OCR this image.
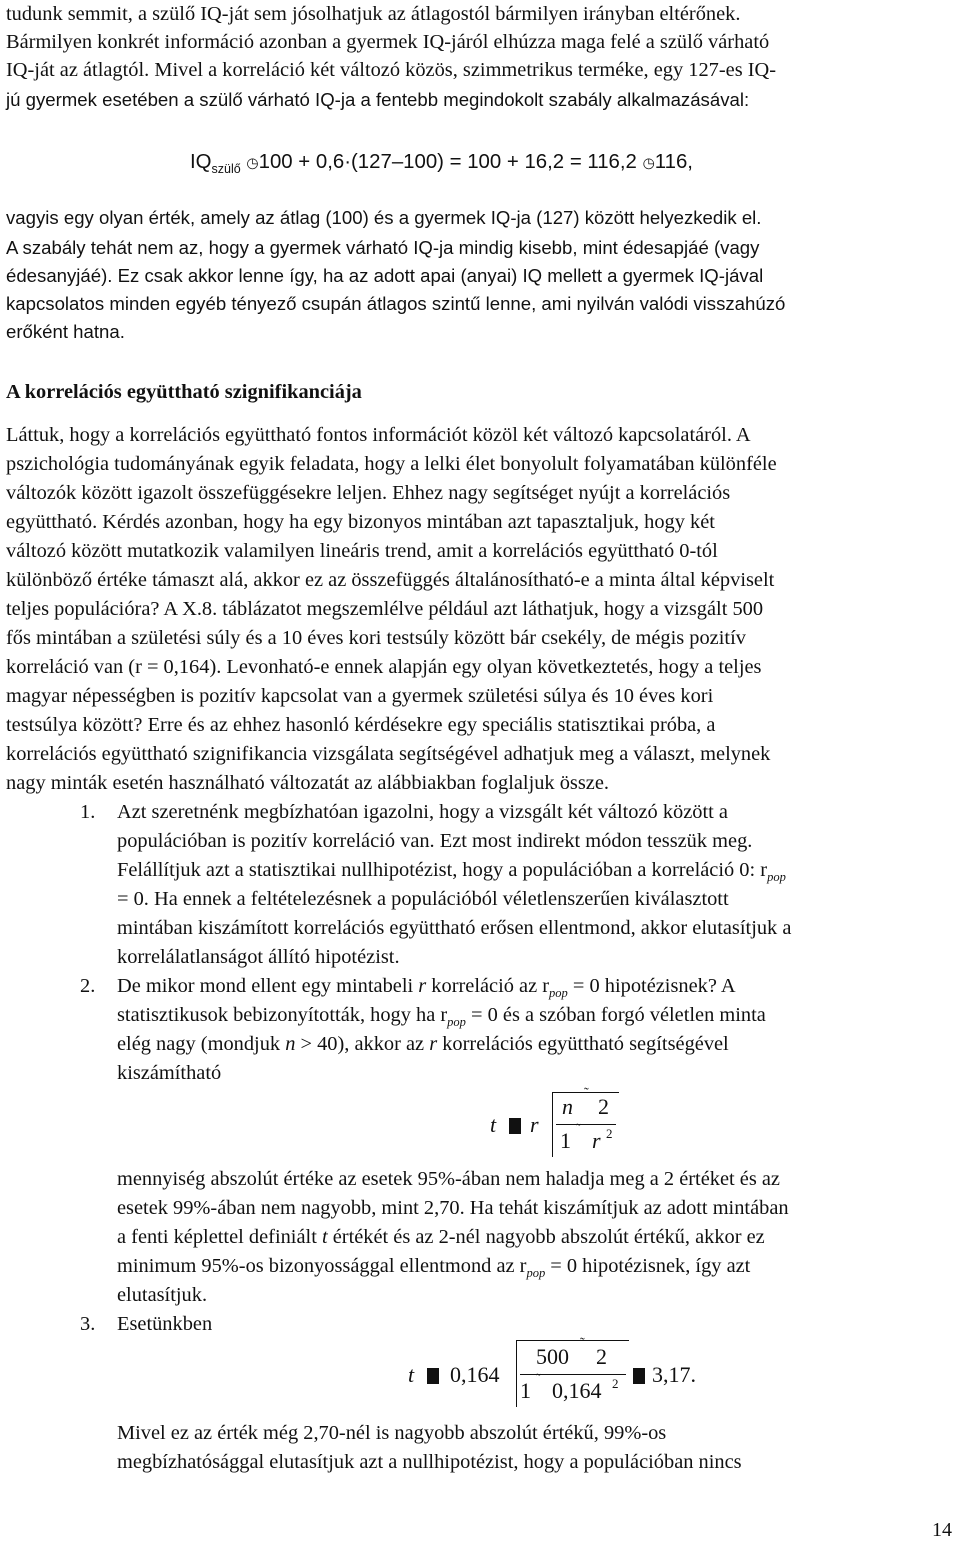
tudunk semmit, a szülő IQ-ját sem jósolhatjuk az átlagostól bármilyen irányban eltérőnek.
Bármilyen konkrét információ azonban a gyermek IQ-járól elhúzza maga felé a szülő várható
IQ-ját az átlagtól. Mivel a korreláció két változó közös, szimmetrikus terméke, egy 127-es IQ-
jú gyermek esetében a szülő várható IQ-ja a fentebb megindokolt szabály alkalmazásával:
$IQ_{szülő}$ ◷100 + 0,6·(127–100) = 100 + 16,2 = 116,2 ◷116,
vagyis egy olyan érték, amely az átlag (100) és a gyermek IQ-ja (127) között helyezkedik el.
A szabály tehát nem az, hogy a gyermek várható IQ-ja mindig kisebb, mint édesapjáé (vagy
édesanyjáé). Ez csak akkor lenne így, ha az adott apai (anyai) IQ mellett a gyermek IQ-jával
kapcsolatos minden egyéb tényező csupán átlagos szintű lenne, ami nyilván valódi visszahúzó
erőként hatna.
A korrelációs együttható szignifikanciája
Láttuk, hogy a korrelációs együttható fontos információt közöl két változó kapcsolatáról. A
pszichológia tudományának egyik feladata, hogy a lelki élet bonyolult folyamatában különféle
változók között igazolt összefüggésekre leljen. Ehhez nagy segítséget nyújt a korrelációs
együttható. Kérdés azonban, hogy ha egy bizonyos mintában azt tapasztaljuk, hogy két
változó között mutatkozik valamilyen lineáris trend, amit a korrelációs együttható 0-tól
különböző értéke támaszt alá, akkor ez az összefüggés általánosítható-e a minta által képviselt
teljes populációra? A X.8. táblázatot megszemlélve például azt láthatjuk, hogy a vizsgált 500
fős mintában a születési súly és a 10 éves kori testsúly között bár csekély, de mégis pozitív
korreláció van (r = 0,164). Levonható-e ennek alapján egy olyan következtetés, hogy a teljes
magyar népességben is pozitív kapcsolat van a gyermek születési súlya és 10 éves kori
testsúlya között? Erre és az ehhez hasonló kérdésekre egy speciális statisztikai próba, a
korrelációs együttható szignifikancia vizsgálata segítségével adhatjuk meg a választ, melynek
nagy minták esetén használható változatát az alábbiakban foglaljuk össze.
1. Azt szeretnénk megbízhatóan igazolni, hogy a vizsgált két változó között a
populációban is pozitív korreláció van. Ezt most indirekt módon tesszük meg.
Felállítjuk azt a statisztikai nullhipotézist, hogy a populációban a korreláció 0: $r_{pop}$
= 0. Ha ennek a feltételezésnek a populációból véletlenszerűen kiválasztott
mintában kiszámított korrelációs együttható erősen ellentmond, akkor elutasítjuk a
korrelálatlanságot állító hipotézist.
2. De mikor mond ellent egy mintabeli r korreláció az $r_{pop} = 0$ hipotézisnek? A
statisztikusok bebizonyították, hogy ha $r_{pop} = 0$ és a szóban forgó véletlen minta
elég nagy (mondjuk n > 40), akkor az r korrelációs együttható segítségével
kiszámítható
t r
n
˜
2
1 ˜ r 2
mennyiség abszolút értéke az esetek 95%-ában nem haladja meg a 2 értéket és az
esetek 99%-ában nem nagyobb, mint 2,70. Ha tehát kiszámítjuk az adott mintában
a fenti képlettel definiált t értékét és az 2-nél nagyobb abszolút értékű, akkor ez
minimum 95%-os bizonyossággal ellentmond az $r_{pop} = 0$ hipotézisnek, így azt
elutasítjuk.
3. Esetünkben
t 0,164
500
˜
2
1 ˜ 0,164 2 3,17.
Mivel ez az érték még 2,70-nél is nagyobb abszolút értékű, 99%-os
megbízhatósággal elutasítjuk azt a nullhipotézist, hogy a populációban nincs
14
